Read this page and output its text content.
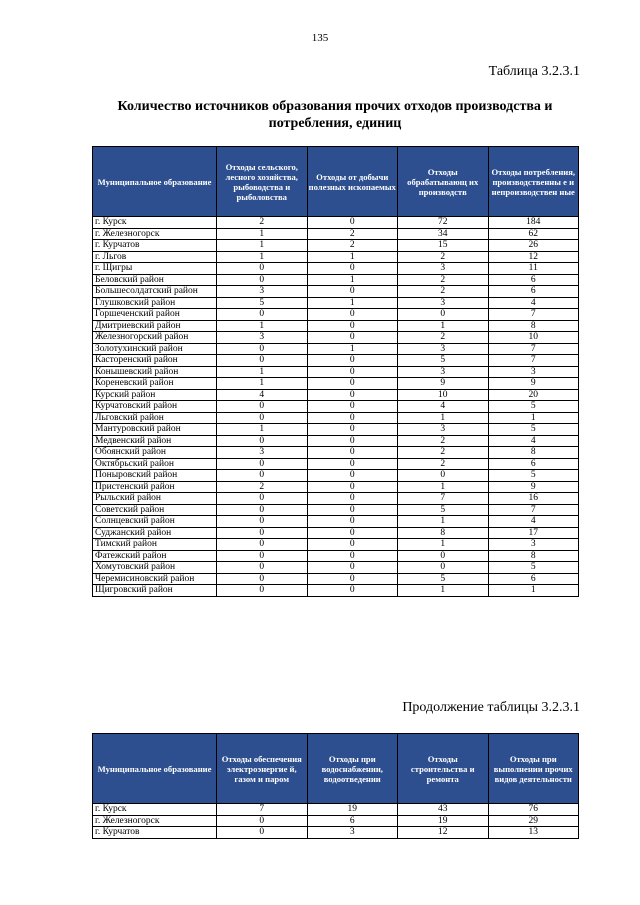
135
Таблица 3.2.3.1
Количество источников образования прочих отходов производства и потребления, единиц
Муниципальное образование	Отходы сельского, лесного хозяйства, рыбоводства и рыболовства	Отходы от добычи полезных ископаемых	Отходы обрабатывающ их производств	Отходы потребления, производственны е и непроизводствен ные
г. Курск	2	0	72	184
г. Железногорск	1	2	34	62
г. Курчатов	1	2	15	26
г. Льгов	1	1	2	12
г. Щигры	0	0	3	11
Беловский район	0	1	2	6
Большесолдатский район	3	0	2	6
Глушковский район	5	1	3	4
Горшеченский район	0	0	0	7
Дмитриевский район	1	0	1	8
Железногорский район	3	0	2	10
Золотухинский район	0	1	3	7
Касторенский район	0	0	5	7
Конышевский район	1	0	3	3
Кореневский район	1	0	9	9
Курский район	4	0	10	20
Курчатовский район	0	0	4	5
Льговский район	0	0	1	1
Мантуровский район	1	0	3	5
Медвенский район	0	0	2	4
Обоянский район	3	0	2	8
Октябрьский район	0	0	2	6
Поныровский район	0	0	0	5
Пристенский район	2	0	1	9
Рыльский район	0	0	7	16
Советский район	0	0	5	7
Солнцевский район	0	0	1	4
Суджанский район	0	0	8	17
Тимский район	0	0	1	3
Фатежский район	0	0	0	8
Хомутовский район	0	0	0	5
Черемисиновский район	0	0	5	6
Щигровский район	0	0	1	1
Продолжение таблицы 3.2.3.1
Муниципальное образование	Отходы обеспечения электроэнергие й, газом и паром	Отходы при водоснабжении, водоотведении	Отходы строительства и ремонта	Отходы при выполнении прочих видов деятельности
г. Курск	7	19	43	76
г. Железногорск	0	6	19	29
г. Курчатов	0	3	12	13
